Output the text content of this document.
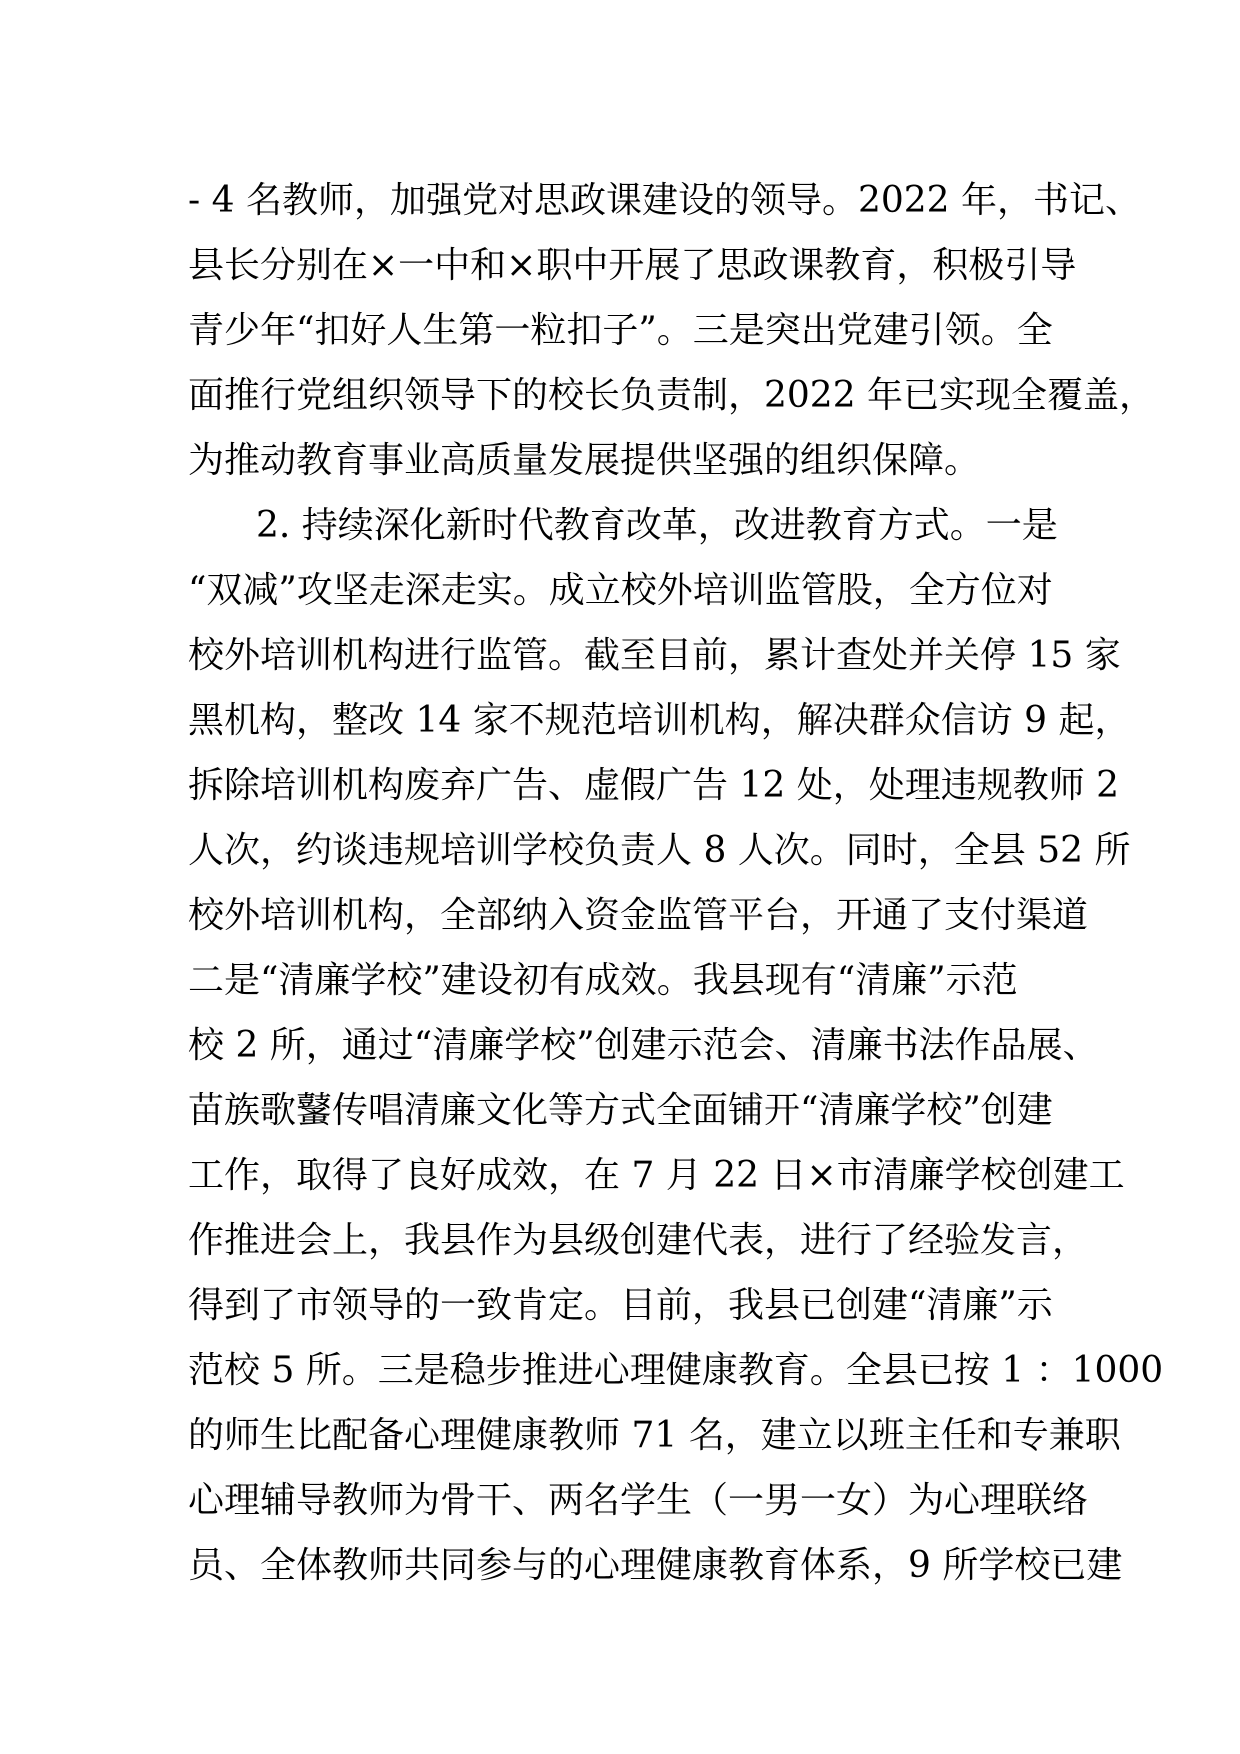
- 4 名教师，加强党对思政课建设的领导。2022 年，书记、
县长分别在×一中和×职中开展了思政课教育，积极引导
青少年“扣好人生第一粒扣子”。三是突出党建引领。全
面推行党组织领导下的校长负责制，2022 年已实现全覆盖，
为推动教育事业高质量发展提供坚强的组织保障。
2. 持续深化新时代教育改革，改进教育方式。一是
“双减”攻坚走深走实。成立校外培训监管股，全方位对
校外培训机构进行监管。截至目前，累计查处并关停 15 家
黑机构，整改 14 家不规范培训机构，解决群众信访 9 起，
拆除培训机构废弃广告、虚假广告 12 处，处理违规教师 2
人次，约谈违规培训学校负责人 8 人次。同时，全县 52 所
校外培训机构，全部纳入资金监管平台，开通了支付渠道
二是“清廉学校”建设初有成效。我县现有“清廉”示范
校 2 所，通过“清廉学校”创建示范会、清廉书法作品展、
苗族歌鼜传唱清廉文化等方式全面铺开“清廉学校”创建
工作，取得了良好成效，在 7 月 22 日×市清廉学校创建工
作推进会上，我县作为县级创建代表，进行了经验发言，
得到了市领导的一致肯定。目前，我县已创建“清廉”示
范校 5 所。三是稳步推进心理健康教育。全县已按 1 ：1000
的师生比配备心理健康教师 71 名，建立以班主任和专兼职
心理辅导教师为骨干、两名学生（一男一女）为心理联络
员、全体教师共同参与的心理健康教育体系，9 所学校已建
